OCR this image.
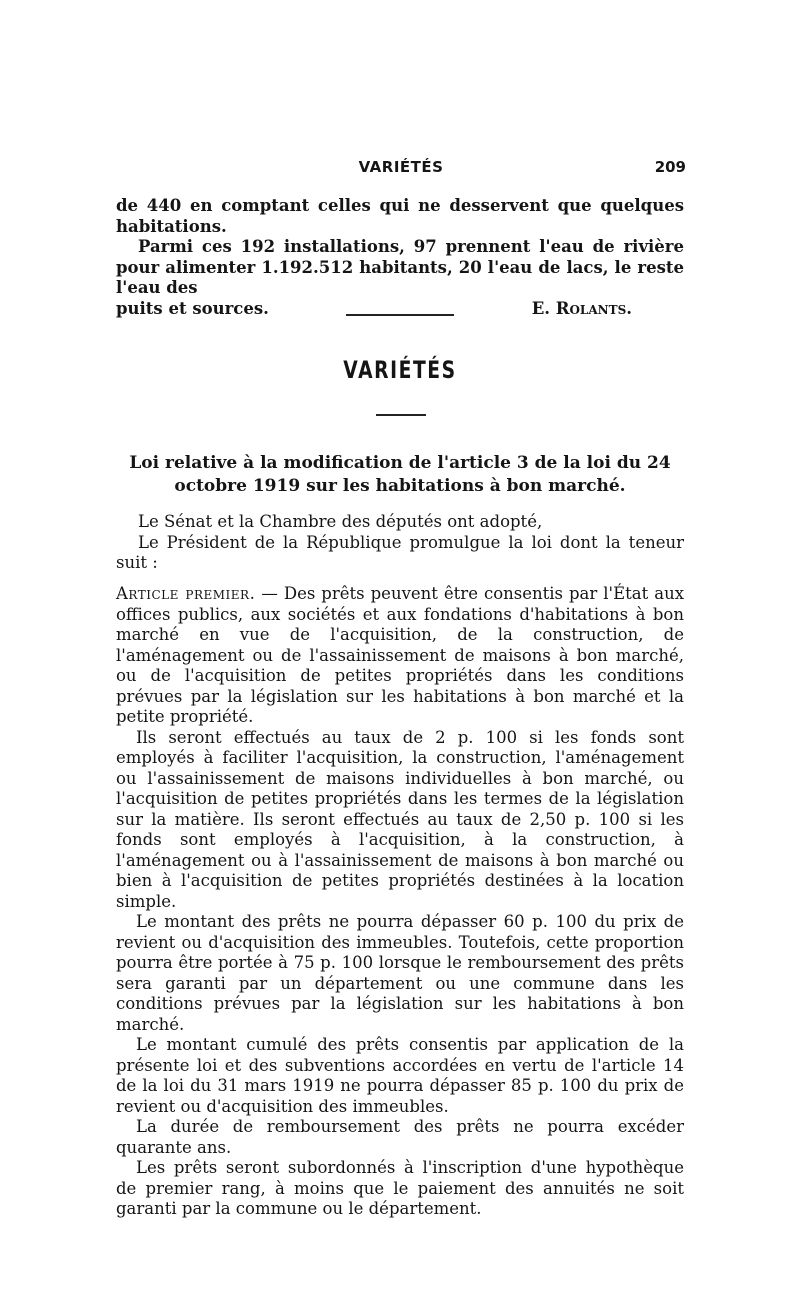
VARIÉTÉS	209

de 440 en comptant celles qui ne desservent que quelques habitations.

Parmi ces 192 installations, 97 prennent l'eau de rivière pour alimenter 1.192.512 habitants, 20 l'eau de lacs, le reste l'eau des

puits et sources.	E. Rolants.
VARIÉTÉS
Loi relative à la modification de l'article 3 de la loi du 24 octobre 1919 sur les habitations à bon marché.

Le Sénat et la Chambre des députés ont adopté,

Le Président de la République promulgue la loi dont la teneur suit :

Article premier. — Des prêts peuvent être consentis par l'État aux offices publics, aux sociétés et aux fondations d'habitations à bon marché en vue de l'acquisition, de la construction, de l'aménagement ou de l'assainissement de maisons à bon marché, ou de l'acquisition de petites propriétés dans les conditions prévues par la législation sur les habitations à bon marché et la petite propriété.

Ils seront effectués au taux de 2 p. 100 si les fonds sont employés à faciliter l'acquisition, la construction, l'aménagement ou l'assainissement de maisons individuelles à bon marché, ou l'acquisition de petites propriétés dans les termes de la législation sur la matière. Ils seront effectués au taux de 2,50 p. 100 si les fonds sont employés à l'acquisition, à la construction, à l'aménagement ou à l'assainissement de maisons à bon marché ou bien à l'acquisition de petites propriétés destinées à la location simple.

Le montant des prêts ne pourra dépasser 60 p. 100 du prix de revient ou d'acquisition des immeubles. Toutefois, cette proportion pourra être portée à 75 p. 100 lorsque le remboursement des prêts sera garanti par un département ou une commune dans les conditions prévues par la législation sur les habitations à bon marché.

Le montant cumulé des prêts consentis par application de la présente loi et des subventions accordées en vertu de l'article 14 de la loi du 31 mars 1919 ne pourra dépasser 85 p. 100 du prix de revient ou d'acquisition des immeubles.

La durée de remboursement des prêts ne pourra excéder quarante ans.

Les prêts seront subordonnés à l'inscription d'une hypothèque de premier rang, à moins que le paiement des annuités ne soit garanti par la commune ou le département.
